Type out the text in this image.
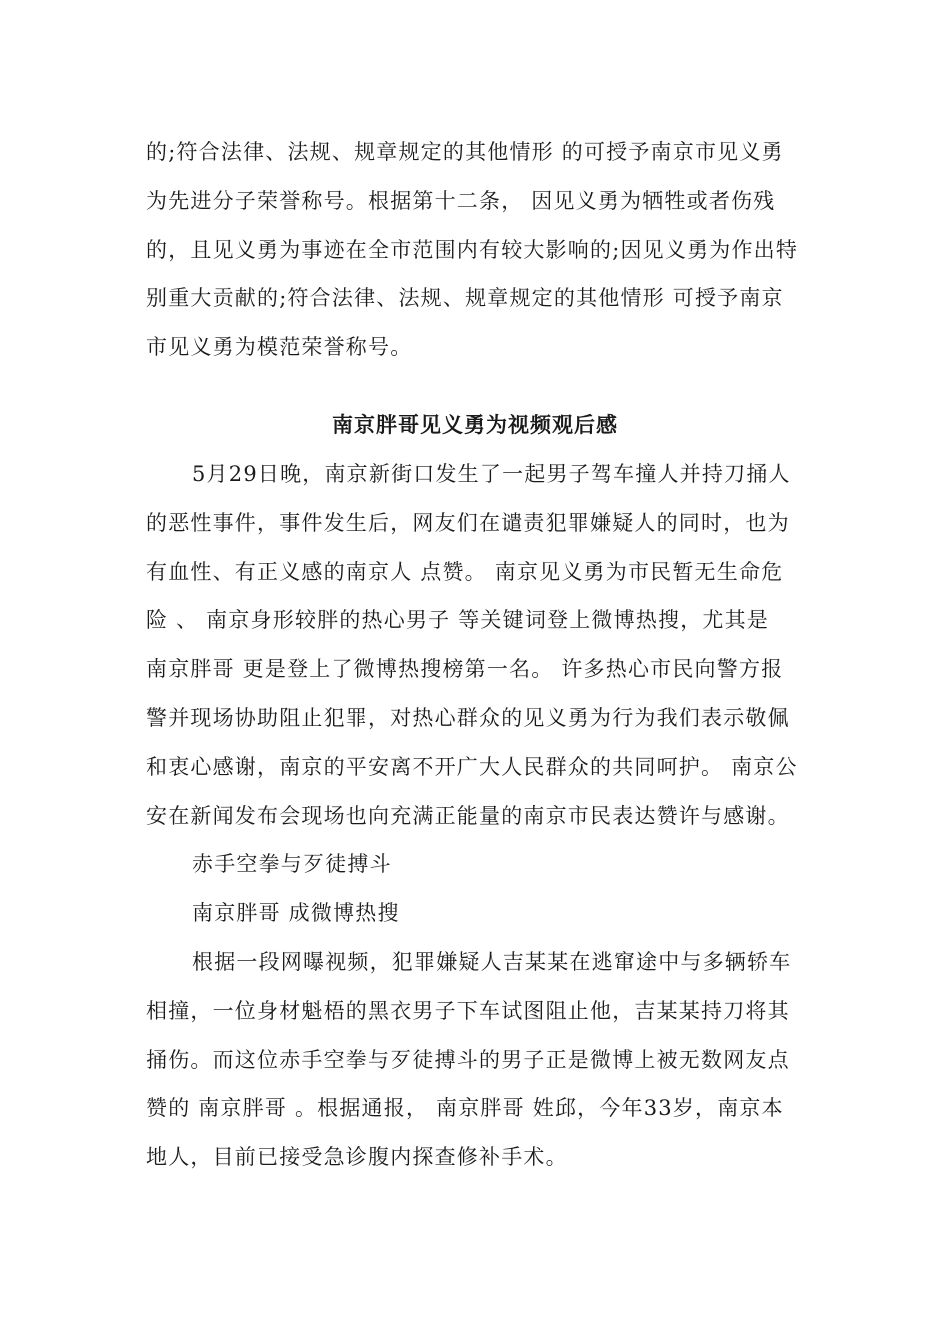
的;符合法律、法规、规章规定的其他情形 的可授予南京市见义勇
为先进分子荣誉称号。根据第十二条， 因见义勇为牺牲或者伤残
的，且见义勇为事迹在全市范围内有较大影响的;因见义勇为作出特
别重大贡献的;符合法律、法规、规章规定的其他情形 可授予南京
市见义勇为模范荣誉称号。
南京胖哥见义勇为视频观后感
5月29日晚，南京新街口发生了一起男子驾车撞人并持刀捅人
的恶性事件，事件发生后，网友们在谴责犯罪嫌疑人的同时，也为
有血性、有正义感的南京人 点赞。 南京见义勇为市民暂无生命危
险 、 南京身形较胖的热心男子 等关键词登上微博热搜，尤其是
南京胖哥 更是登上了微博热搜榜第一名。 许多热心市民向警方报
警并现场协助阻止犯罪，对热心群众的见义勇为行为我们表示敬佩
和衷心感谢，南京的平安离不开广大人民群众的共同呵护。 南京公
安在新闻发布会现场也向充满正能量的南京市民表达赞许与感谢。
赤手空拳与歹徒搏斗
南京胖哥 成微博热搜
根据一段网曝视频，犯罪嫌疑人吉某某在逃窜途中与多辆轿车
相撞，一位身材魁梧的黑衣男子下车试图阻止他，吉某某持刀将其
捅伤。而这位赤手空拳与歹徒搏斗的男子正是微博上被无数网友点
赞的 南京胖哥 。根据通报， 南京胖哥 姓邱，今年33岁，南京本
地人，目前已接受急诊腹内探查修补手术。
